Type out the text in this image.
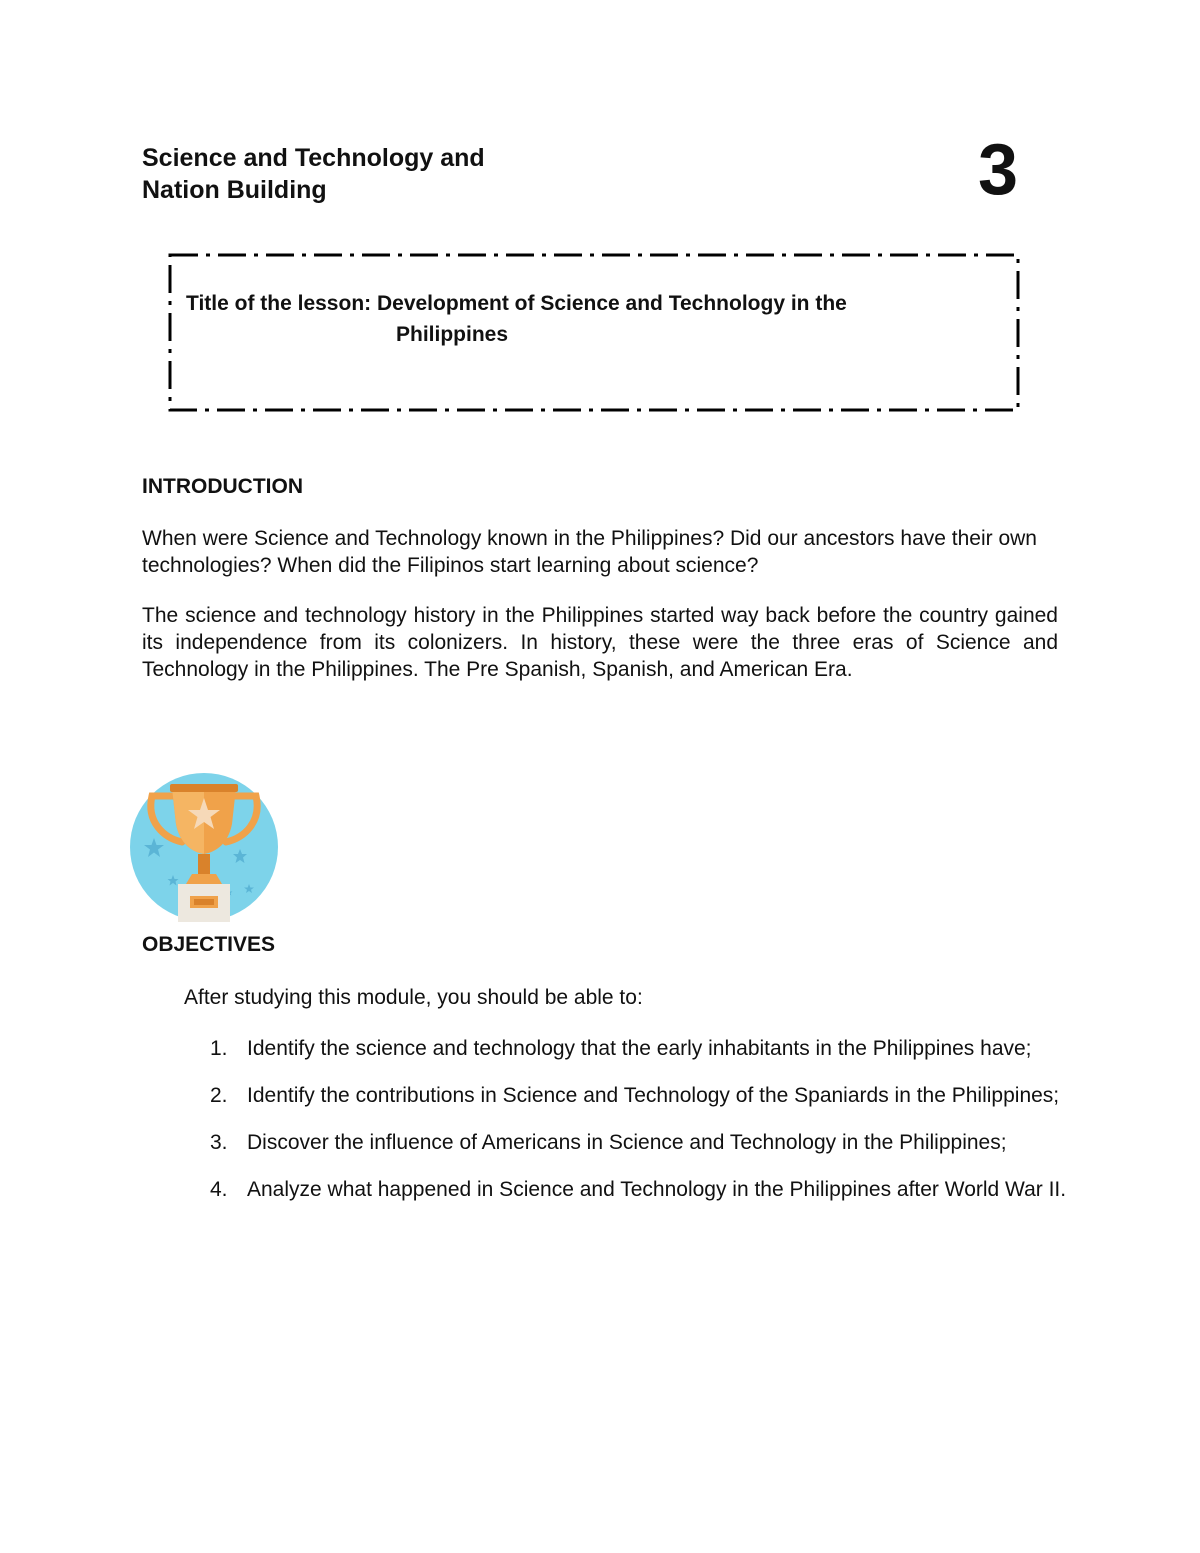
Science and Technology and
Nation Building	3

Title of the lesson: Development of Science and Technology in the
Philippines

INTRODUCTION

When were Science and Technology known in the Philippines? Did our ancestors have their own technologies? When did the Filipinos start learning about science?

The science and technology history in the Philippines started way back before the country gained its independence from its colonizers. In history, these were the three eras of Science and Technology in the Philippines. The Pre Spanish, Spanish, and American Era.

OBJECTIVES

After studying this module, you should be able to:

1. Identify the science and technology that the early inhabitants in the Philippines have;
2. Identify the contributions in Science and Technology of the Spaniards in the Philippines;
3. Discover the influence of Americans in Science and Technology in the Philippines;
4. Analyze what happened in Science and Technology in the Philippines after World War II.
